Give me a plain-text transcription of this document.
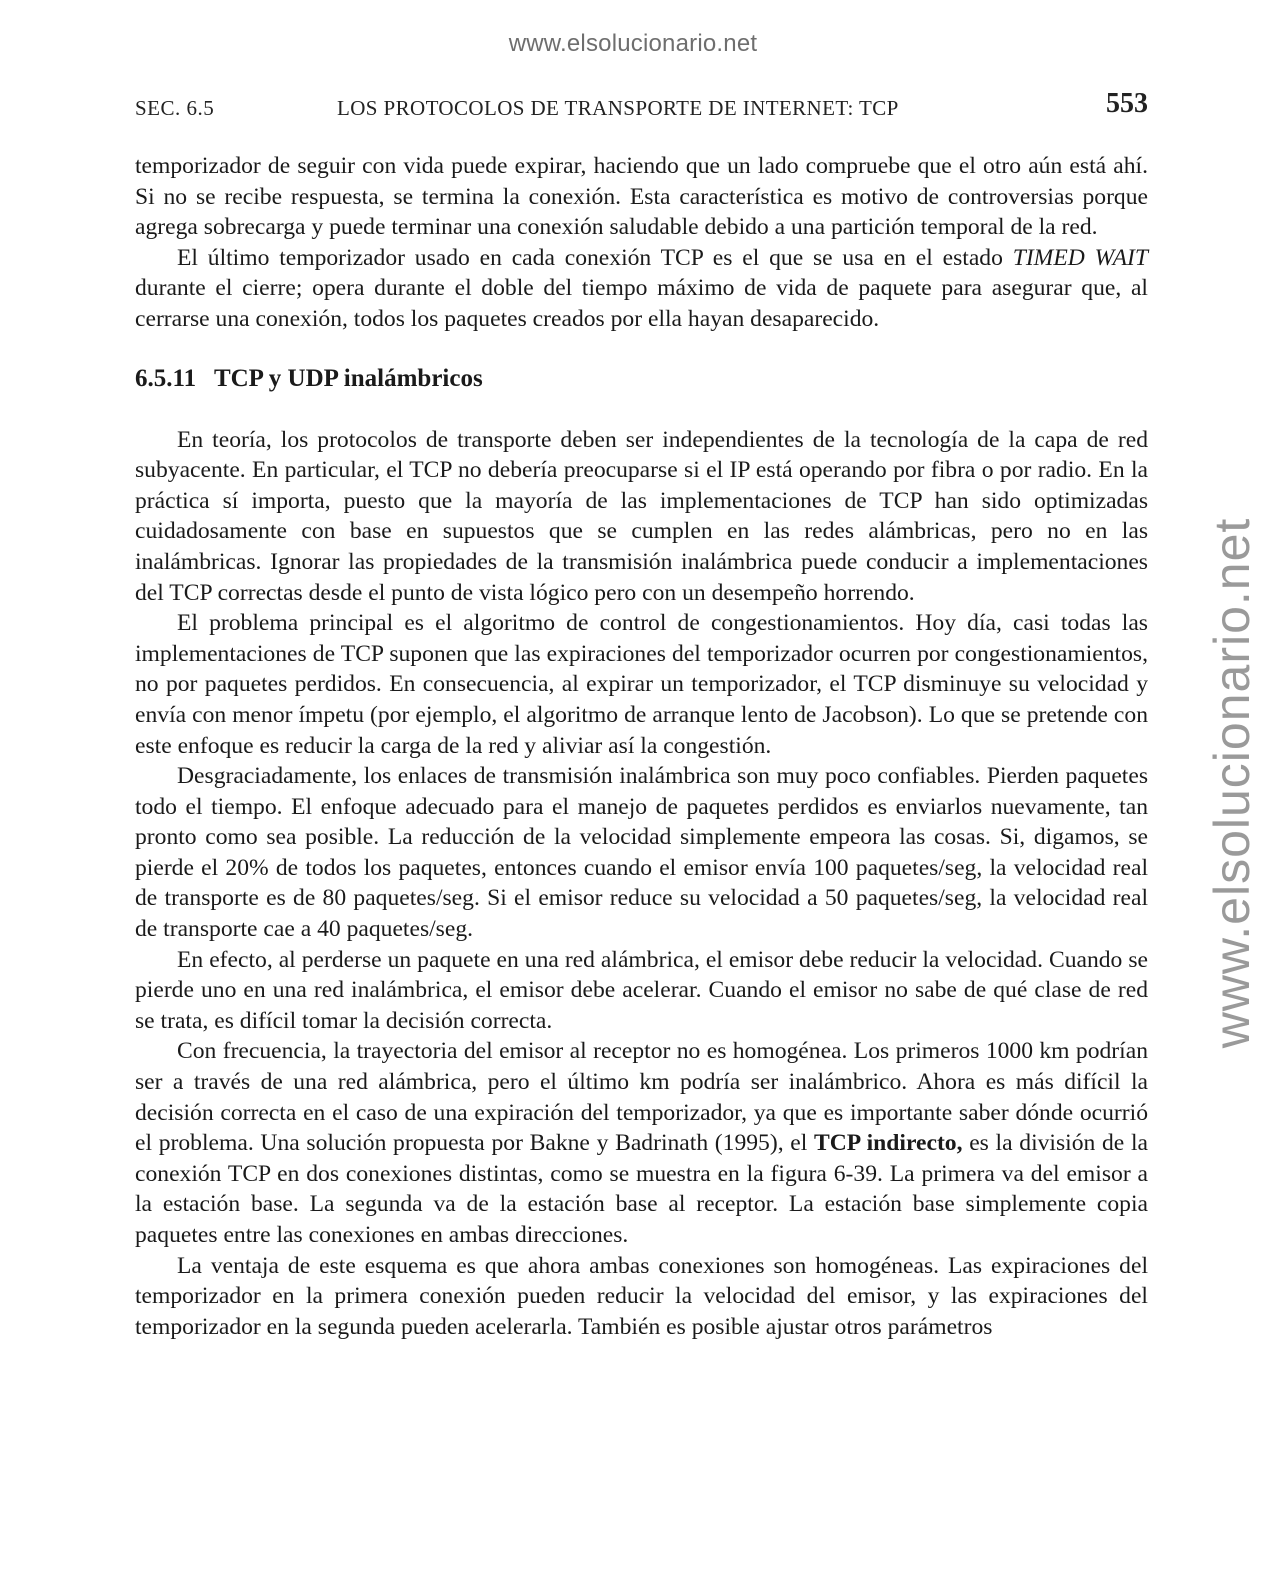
www.elsolucionario.net
www.elsolucionario.net
SEC. 6.5	LOS PROTOCOLOS DE TRANSPORTE DE INTERNET: TCP	553

temporizador de seguir con vida puede expirar, haciendo que un lado compruebe que el otro aún está ahí. Si no se recibe respuesta, se termina la conexión. Esta característica es motivo de controversias porque agrega sobrecarga y puede terminar una conexión saludable debido a una partición temporal de la red.

El último temporizador usado en cada conexión TCP es el que se usa en el estado TIMED WAIT durante el cierre; opera durante el doble del tiempo máximo de vida de paquete para asegurar que, al cerrarse una conexión, todos los paquetes creados por ella hayan desaparecido.

6.5.11 TCP y UDP inalámbricos

En teoría, los protocolos de transporte deben ser independientes de la tecnología de la capa de red subyacente. En particular, el TCP no debería preocuparse si el IP está operando por fibra o por radio. En la práctica sí importa, puesto que la mayoría de las implementaciones de TCP han sido optimizadas cuidadosamente con base en supuestos que se cumplen en las redes alámbricas, pero no en las inalámbricas. Ignorar las propiedades de la transmisión inalámbrica puede conducir a implementaciones del TCP correctas desde el punto de vista lógico pero con un desempeño horrendo.

El problema principal es el algoritmo de control de congestionamientos. Hoy día, casi todas las implementaciones de TCP suponen que las expiraciones del temporizador ocurren por congestionamientos, no por paquetes perdidos. En consecuencia, al expirar un temporizador, el TCP disminuye su velocidad y envía con menor ímpetu (por ejemplo, el algoritmo de arranque lento de Jacobson). Lo que se pretende con este enfoque es reducir la carga de la red y aliviar así la congestión.

Desgraciadamente, los enlaces de transmisión inalámbrica son muy poco confiables. Pierden paquetes todo el tiempo. El enfoque adecuado para el manejo de paquetes perdidos es enviarlos nuevamente, tan pronto como sea posible. La reducción de la velocidad simplemente empeora las cosas. Si, digamos, se pierde el 20% de todos los paquetes, entonces cuando el emisor envía 100 paquetes/seg, la velocidad real de transporte es de 80 paquetes/seg. Si el emisor reduce su velocidad a 50 paquetes/seg, la velocidad real de transporte cae a 40 paquetes/seg.

En efecto, al perderse un paquete en una red alámbrica, el emisor debe reducir la velocidad. Cuando se pierde uno en una red inalámbrica, el emisor debe acelerar. Cuando el emisor no sabe de qué clase de red se trata, es difícil tomar la decisión correcta.

Con frecuencia, la trayectoria del emisor al receptor no es homogénea. Los primeros 1000 km podrían ser a través de una red alámbrica, pero el último km podría ser inalámbrico. Ahora es más difícil la decisión correcta en el caso de una expiración del temporizador, ya que es importante saber dónde ocurrió el problema. Una solución propuesta por Bakne y Badrinath (1995), el TCP indirecto, es la división de la conexión TCP en dos conexiones distintas, como se muestra en la figura 6-39. La primera va del emisor a la estación base. La segunda va de la estación base al receptor. La estación base simplemente copia paquetes entre las conexiones en ambas direcciones.

La ventaja de este esquema es que ahora ambas conexiones son homogéneas. Las expiraciones del temporizador en la primera conexión pueden reducir la velocidad del emisor, y las expiraciones del temporizador en la segunda pueden acelerarla. También es posible ajustar otros parámetros
